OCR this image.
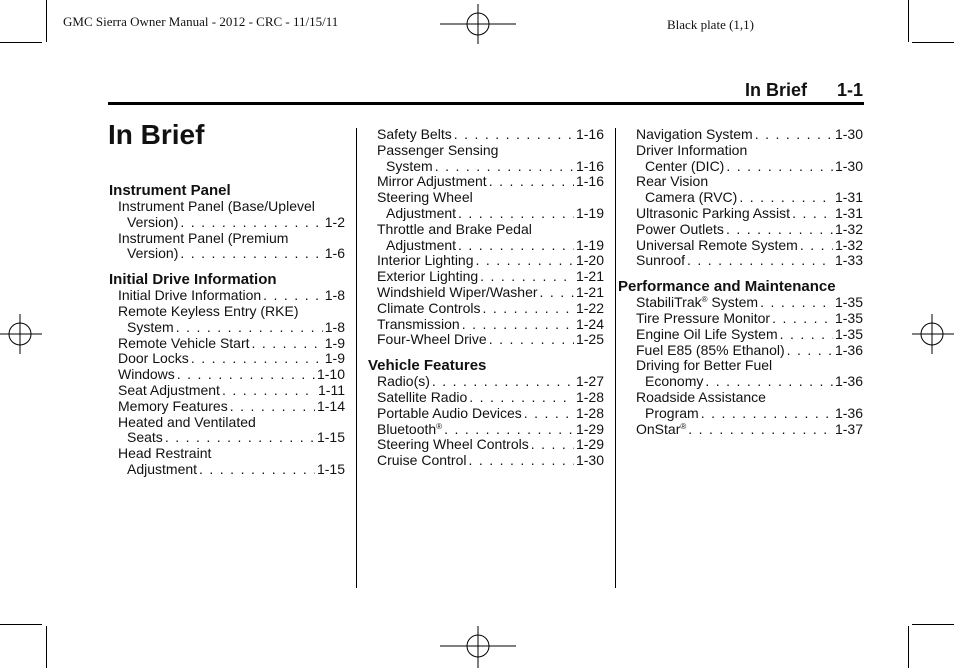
GMC Sierra Owner Manual - 2012 - CRC - 11/15/11	Black plate (1,1)
In Brief 1-1
In Brief
Instrument Panel
Instrument Panel (Base/Uplevel
Version) . . .	1-2
Instrument Panel (Premium
Version) . . .	1-6
Initial Drive Information
Initial Drive Information . . .	1-8
Remote Keyless Entry (RKE)
System . . .	1-8
Remote Vehicle Start . . .	1-9
Door Locks . . .	1-9
Windows . . .	1-10
Seat Adjustment . . .	1-11
Memory Features . . .	1-14
Heated and Ventilated
Seats . . .	1-15
Head Restraint
Adjustment . . .	1-15
Safety Belts . . .	1-16
Passenger Sensing
System . . .	1-16
Mirror Adjustment . . .	1-16
Steering Wheel
Adjustment . . .	1-19
Throttle and Brake Pedal
Adjustment . . .	1-19
Interior Lighting . . .	1-20
Exterior Lighting . . .	1-21
Windshield Wiper/Washer . . .	1-21
Climate Controls . . .	1-22
Transmission . . .	1-24
Four-Wheel Drive . . .	1-25
Vehicle Features
Radio(s) . . .	1-27
Satellite Radio . . .	1-28
Portable Audio Devices . . .	1-28
Bluetooth® . . .	1-29
Steering Wheel Controls . . .	1-29
Cruise Control . . .	1-30
Navigation System . . .	1-30
Driver Information
Center (DIC) . . .	1-30
Rear Vision
Camera (RVC) . . .	1-31
Ultrasonic Parking Assist . . .	1-31
Power Outlets . . .	1-32
Universal Remote System . . .	1-32
Sunroof . . .	1-33
Performance and Maintenance
StabiliTrak® System . . .	1-35
Tire Pressure Monitor . . .	1-35
Engine Oil Life System . . .	1-35
Fuel E85 (85% Ethanol) . . .	1-36
Driving for Better Fuel
Economy . . .	1-36
Roadside Assistance
Program . . .	1-36
OnStar® . . .	1-37
